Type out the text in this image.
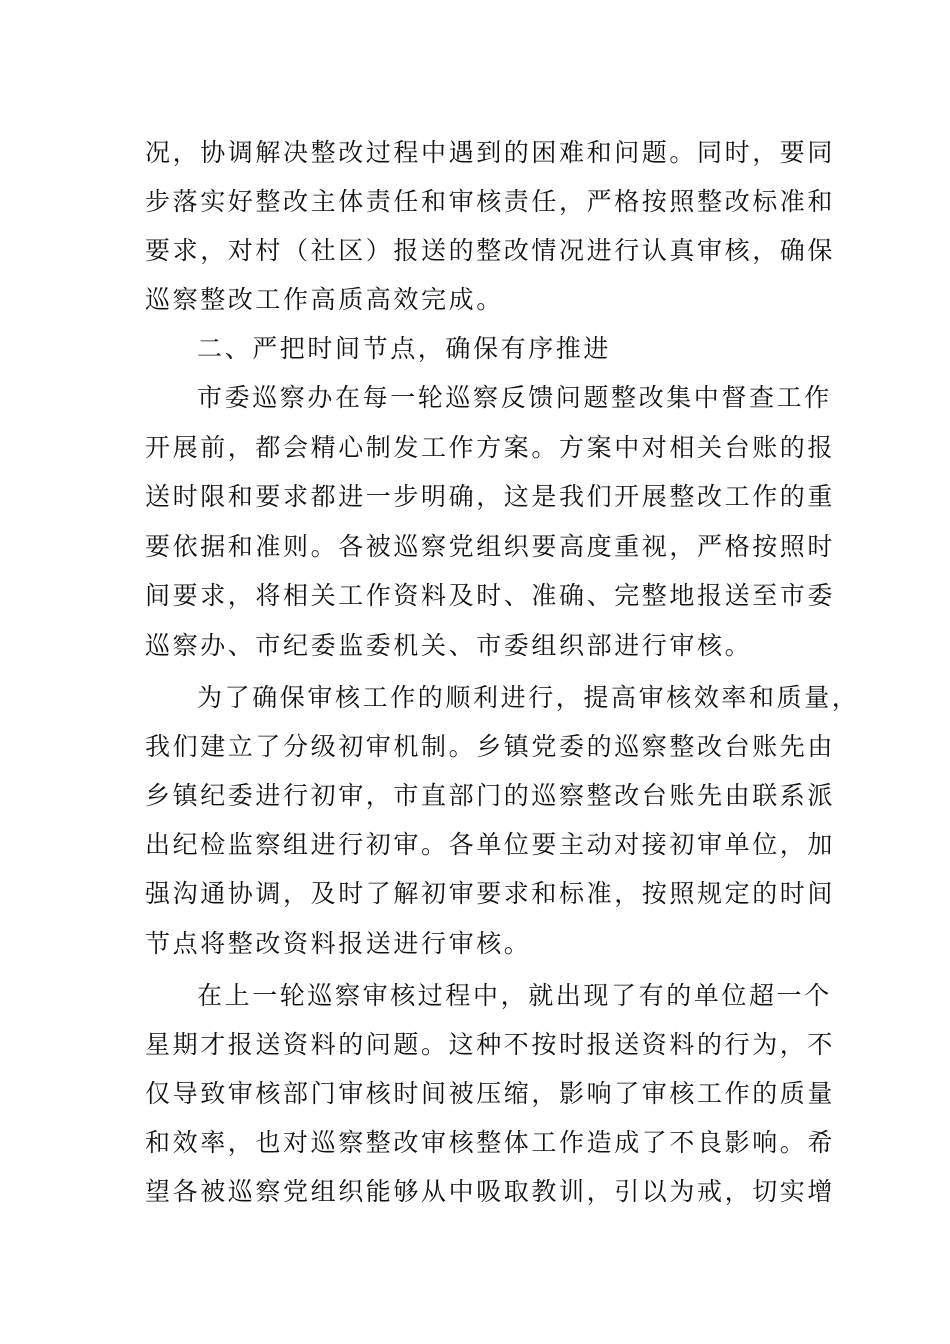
况，协调解决整改过程中遇到的困难和问题。同时，要同
步落实好整改主体责任和审核责任，严格按照整改标准和
要求，对村（社区）报送的整改情况进行认真审核，确保
巡察整改工作高质高效完成。
二、严把时间节点，确保有序推进
市委巡察办在每一轮巡察反馈问题整改集中督查工作
开展前，都会精心制发工作方案。方案中对相关台账的报
送时限和要求都进一步明确，这是我们开展整改工作的重
要依据和准则。各被巡察党组织要高度重视，严格按照时
间要求，将相关工作资料及时、准确、完整地报送至市委
巡察办、市纪委监委机关、市委组织部进行审核。
为了确保审核工作的顺利进行，提高审核效率和质量，
我们建立了分级初审机制。乡镇党委的巡察整改台账先由
乡镇纪委进行初审，市直部门的巡察整改台账先由联系派
出纪检监察组进行初审。各单位要主动对接初审单位，加
强沟通协调，及时了解初审要求和标准，按照规定的时间
节点将整改资料报送进行审核。
在上一轮巡察审核过程中，就出现了有的单位超一个
星期才报送资料的问题。这种不按时报送资料的行为，不
仅导致审核部门审核时间被压缩，影响了审核工作的质量
和效率，也对巡察整改审核整体工作造成了不良影响。希
望各被巡察党组织能够从中吸取教训，引以为戒，切实增
